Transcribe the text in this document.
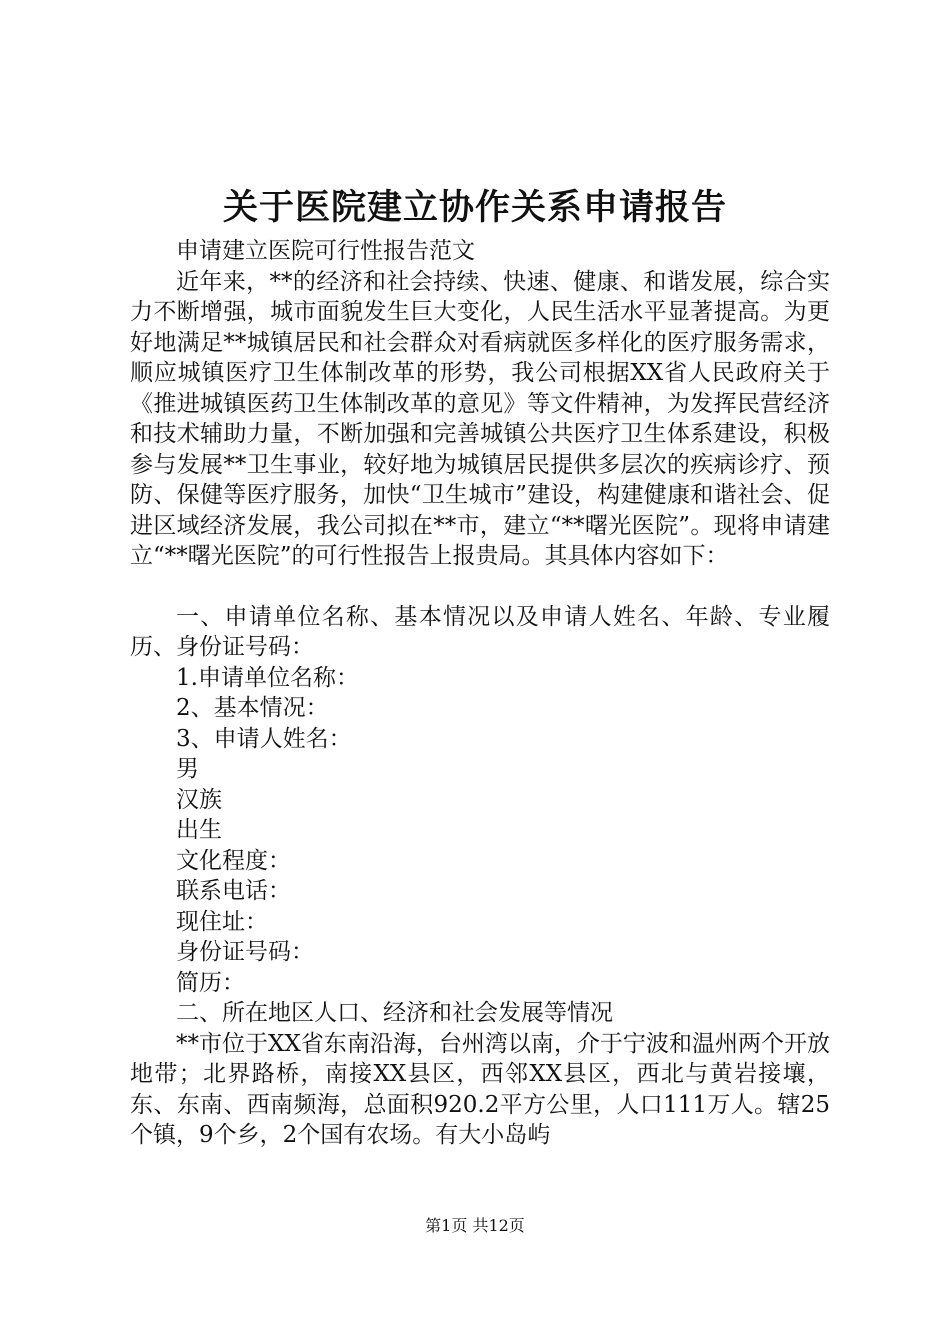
关于医院建立协作关系申请报告

申请建立医院可行性报告范文

近年来，**的经济和社会持续、快速、健康、和谐发展，综合实力不断增强，城市面貌发生巨大变化，人民生活水平显著提高。为更好地满足**城镇居民和社会群众对看病就医多样化的医疗服务需求，顺应城镇医疗卫生体制改革的形势，我公司根据XX省人民政府关于《推进城镇医药卫生体制改革的意见》等文件精神，为发挥民营经济和技术辅助力量，不断加强和完善城镇公共医疗卫生体系建设，积极参与发展**卫生事业，较好地为城镇居民提供多层次的疾病诊疗、预防、保健等医疗服务，加快“卫生城市”建设，构建健康和谐社会、促进区域经济发展，我公司拟在**市，建立“**曙光医院”。现将申请建立“**曙光医院”的可行性报告上报贵局。其具体内容如下：

一、申请单位名称、基本情况以及申请人姓名、年龄、专业履历、身份证号码：

1.申请单位名称：

2、基本情况：

3、申请人姓名：

男

汉族

出生

文化程度：

联系电话：

现住址：

身份证号码：

简历：

二、所在地区人口、经济和社会发展等情况

**市位于XX省东南沿海，台州湾以南，介于宁波和温州两个开放地带；北界路桥，南接XX县区，西邻XX县区，西北与黄岩接壤，东、东南、西南频海，总面积920.2平方公里，人口111万人。辖25个镇，9个乡，2个国有农场。有大小岛屿

第1页 共12页
